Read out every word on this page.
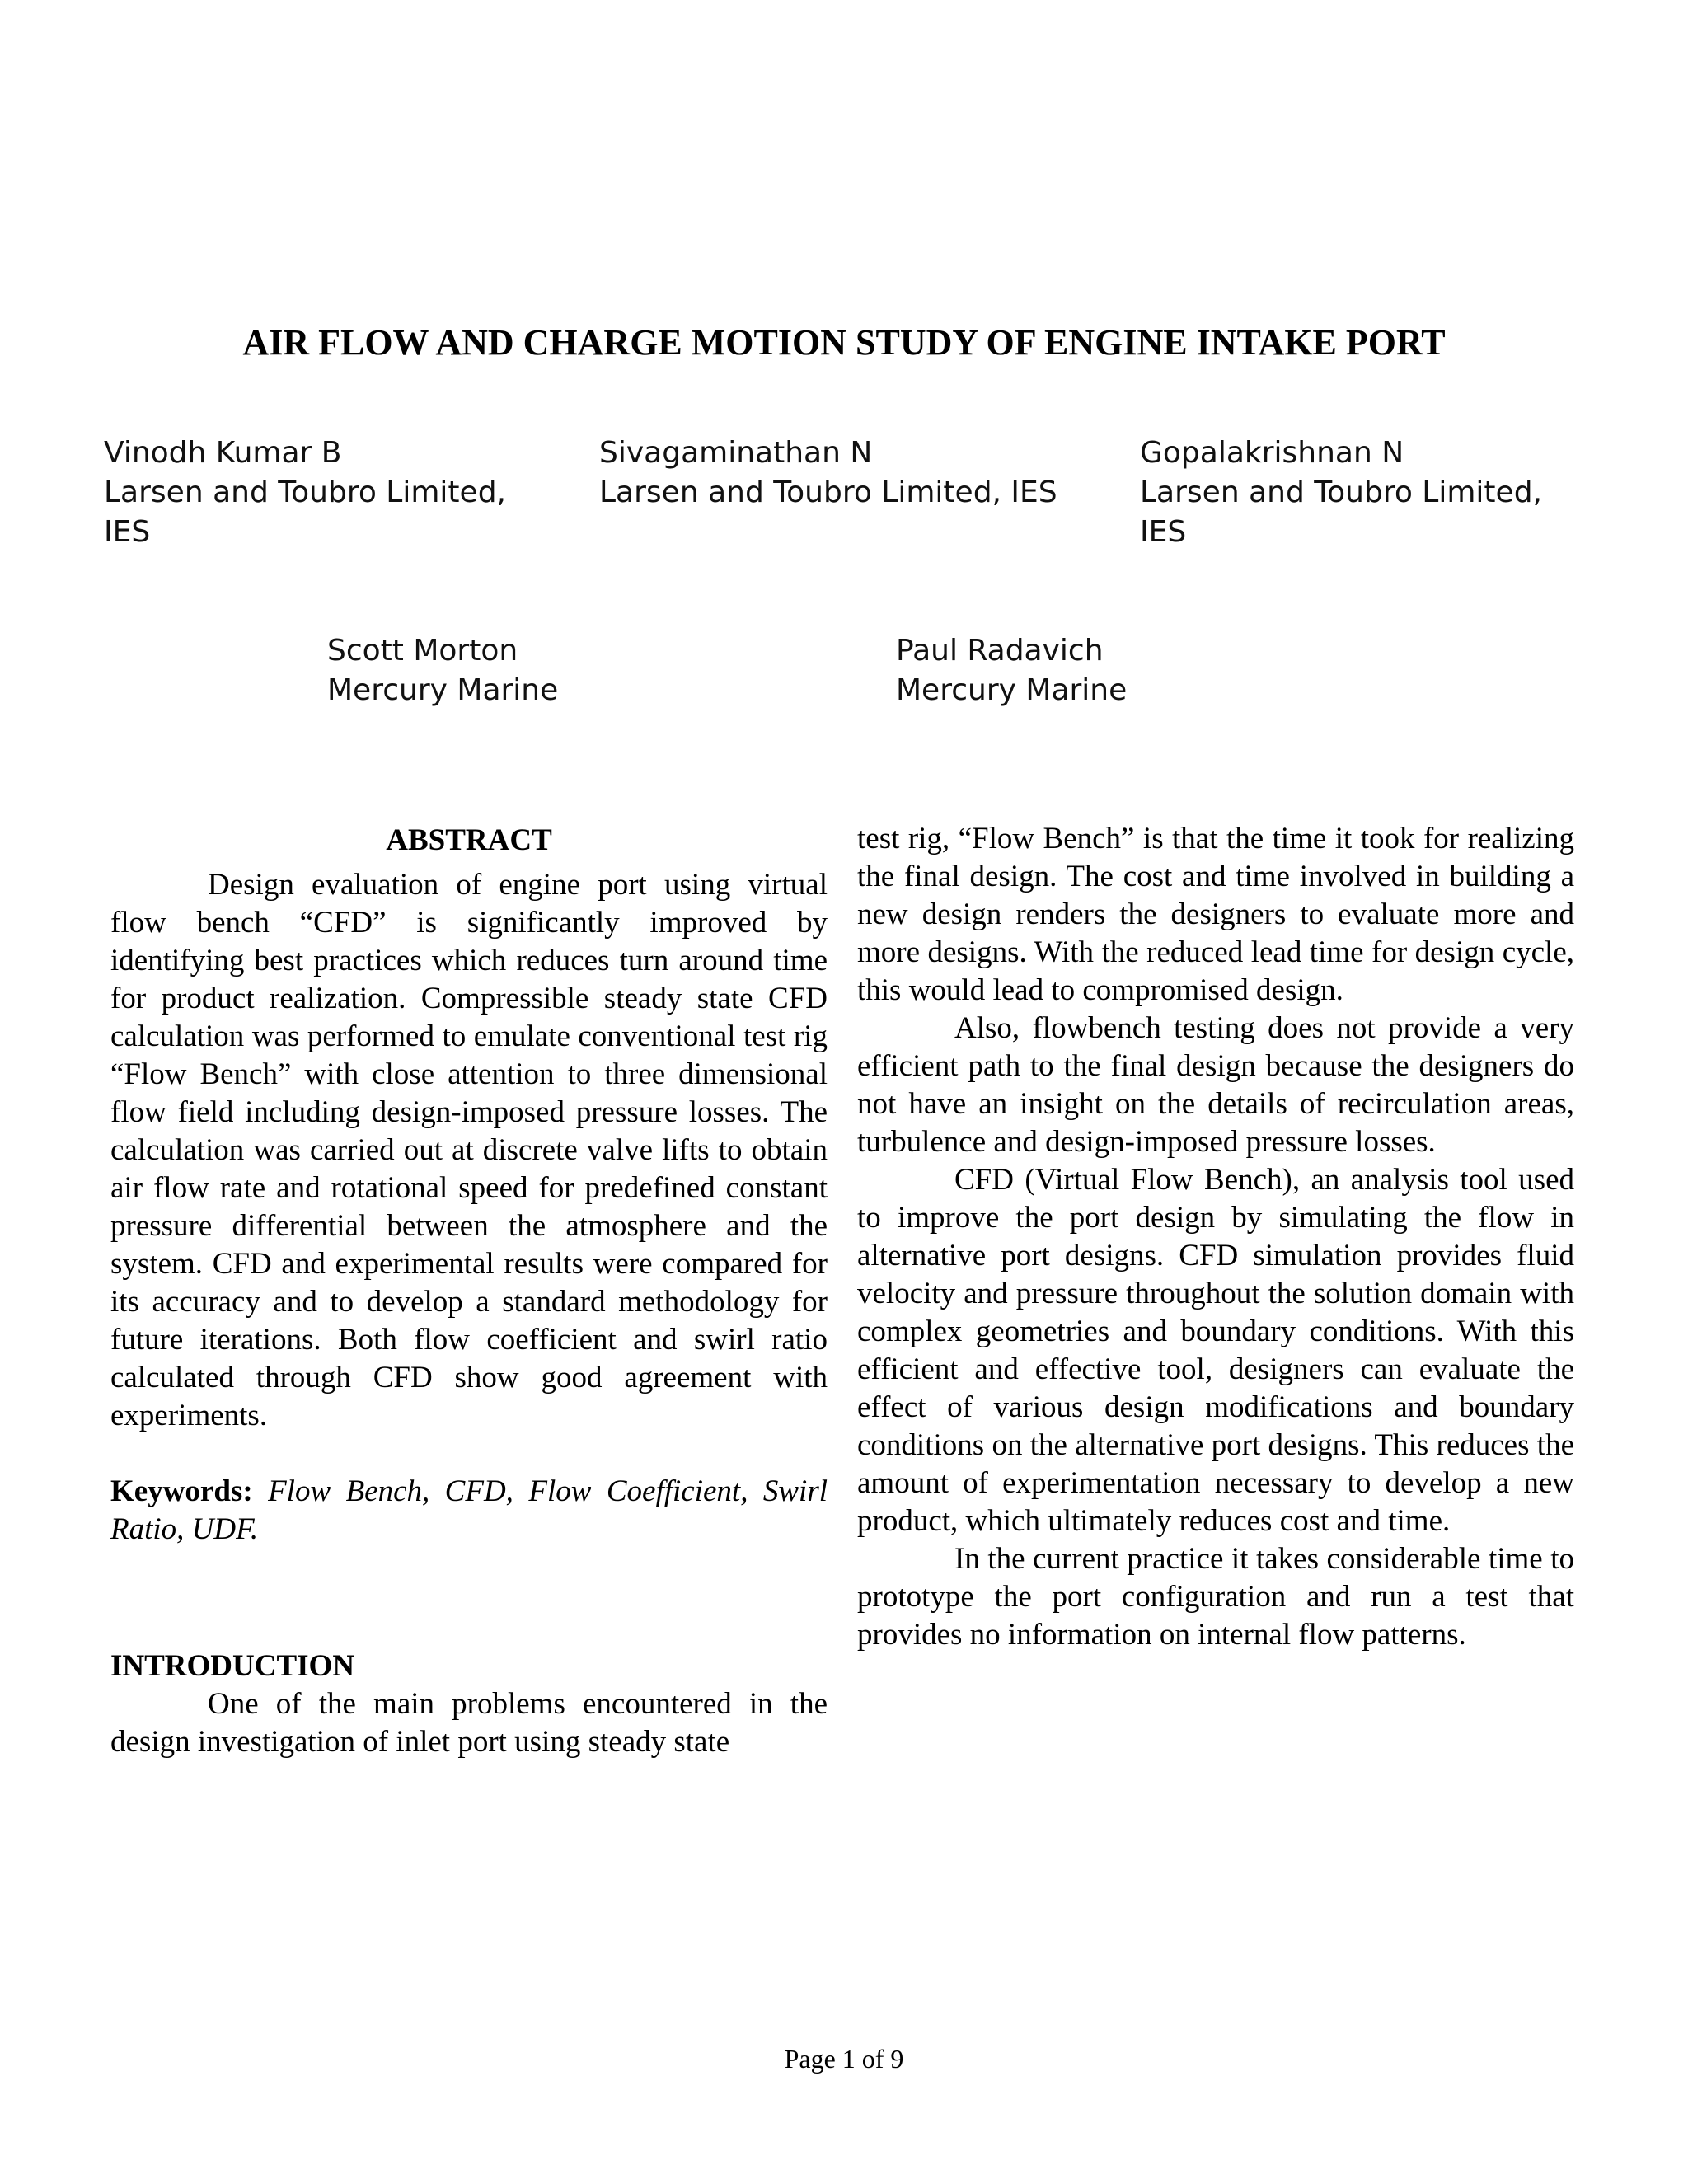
AIR FLOW AND CHARGE MOTION STUDY OF ENGINE INTAKE PORT
Vinodh Kumar B
Larsen and Toubro Limited,
IES
Sivagaminathan N
Larsen and Toubro Limited, IES
Gopalakrishnan N
Larsen and Toubro Limited,
IES
Scott Morton
Mercury Marine
Paul Radavich
Mercury Marine
ABSTRACT

Design evaluation of engine port using virtual flow bench “CFD” is significantly improved by identifying best practices which reduces turn around time for product realization. Compressible steady state CFD calculation was performed to emulate conventional test rig “Flow Bench” with close attention to three dimensional flow field including design-imposed pressure losses. The calculation was carried out at discrete valve lifts to obtain air flow rate and rotational speed for predefined constant pressure differential between the atmosphere and the system. CFD and experimental results were compared for its accuracy and to develop a standard methodology for future iterations. Both flow coefficient and swirl ratio calculated through CFD show good agreement with experiments.

Keywords: Flow Bench, CFD, Flow Coefficient, Swirl Ratio, UDF.

INTRODUCTION

One of the main problems encountered in the design investigation of inlet port using steady state

test rig, “Flow Bench” is that the time it took for realizing the final design. The cost and time involved in building a new design renders the designers to evaluate more and more designs. With the reduced lead time for design cycle, this would lead to compromised design.

Also, flowbench testing does not provide a very efficient path to the final design because the designers do not have an insight on the details of recirculation areas, turbulence and design-imposed pressure losses.

CFD (Virtual Flow Bench), an analysis tool used to improve the port design by simulating the flow in alternative port designs. CFD simulation provides fluid velocity and pressure throughout the solution domain with complex geometries and boundary conditions. With this efficient and effective tool, designers can evaluate the effect of various design modifications and boundary conditions on the alternative port designs. This reduces the amount of experimentation necessary to develop a new product, which ultimately reduces cost and time.

In the current practice it takes considerable time to prototype the port configuration and run a test that provides no information on internal flow patterns.

Page 1 of 9
